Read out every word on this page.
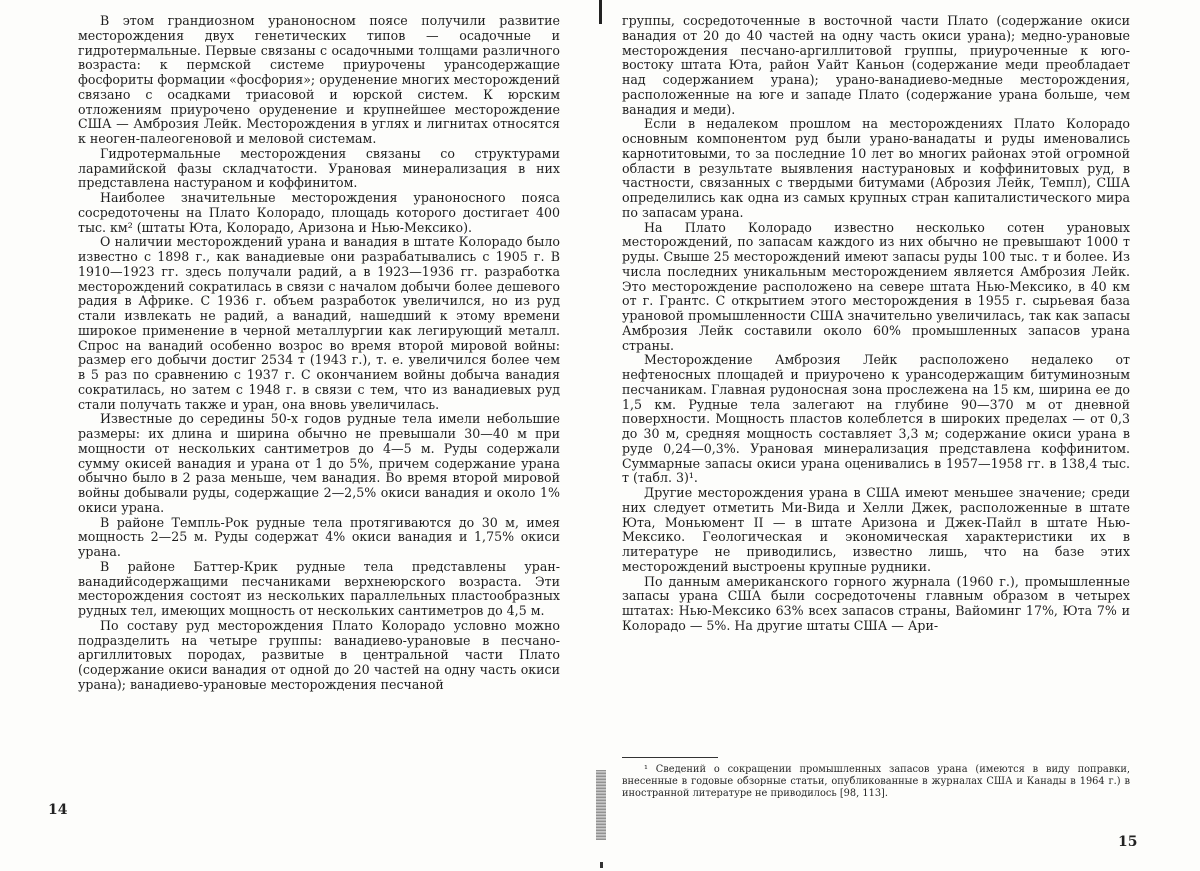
В этом грандиозном ураноносном поясе получили развитие месторождения двух генетических типов — осадочные и гидротермальные. Первые связаны с осадочными толщами различного возраста: к пермской системе приурочены урансодержащие фосфориты формации «фосфория»; оруденение многих месторождений связано с осадками триасовой и юрской систем. К юрским отложениям приурочено оруденение и крупнейшее месторождение США — Амброзия Лейк. Месторождения в углях и лигнитах относятся к неоген-палеогеновой и меловой системам.

Гидротермальные месторождения связаны со структурами ларамийской фазы складчатости. Урановая минерализация в них представлена настураном и коффинитом.

Наиболее значительные месторождения ураноносного пояса сосредоточены на Плато Колорадо, площадь которого достигает 400 тыс. км² (штаты Юта, Колорадо, Аризона и Нью-Мексико).

О наличии месторождений урана и ванадия в штате Колорадо было известно с 1898 г., как ванадиевые они разрабатывались с 1905 г. В 1910—1923 гг. здесь получали радий, а в 1923—1936 гг. разработка месторождений сократилась в связи с началом добычи более дешевого радия в Африке. С 1936 г. объем разработок увеличился, но из руд стали извлекать не радий, а ванадий, нашедший к этому времени широкое применение в черной металлургии как легирующий металл. Спрос на ванадий особенно возрос во время второй мировой войны: размер его добычи достиг 2534 т (1943 г.), т. е. увеличился более чем в 5 раз по сравнению с 1937 г. С окончанием войны добыча ванадия сократилась, но затем с 1948 г. в связи с тем, что из ванадиевых руд стали получать также и уран, она вновь увеличилась.

Известные до середины 50-х годов рудные тела имели небольшие размеры: их длина и ширина обычно не превышали 30—40 м при мощности от нескольких сантиметров до 4—5 м. Руды содержали сумму окисей ванадия и урана от 1 до 5%, причем содержание урана обычно было в 2 раза меньше, чем ванадия. Во время второй мировой войны добывали руды, содержащие 2—2,5% окиси ванадия и около 1% окиси урана.

В районе Темпль-Рок рудные тела протягиваются до 30 м, имея мощность 2—25 м. Руды содержат 4% окиси ванадия и 1,75% окиси урана.

В районе Баттер-Крик рудные тела представлены уран-ванадийсодержащими песчаниками верхнеюрского возраста. Эти месторождения состоят из нескольких параллельных пластообразных рудных тел, имеющих мощность от нескольких сантиметров до 4,5 м.

По составу руд месторождения Плато Колорадо условно можно подразделить на четыре группы: ванадиево-урановые в песчано-аргиллитовых породах, развитые в центральной части Плато (содержание окиси ванадия от одной до 20 частей на одну часть окиси урана); ванадиево-урановые месторождения песчаной

14

группы, сосредоточенные в восточной части Плато (содержание окиси ванадия от 20 до 40 частей на одну часть окиси урана); медно-урановые месторождения песчано-аргиллитовой группы, приуроченные к юго-востоку штата Юта, район Уайт Каньон (содержание меди преобладает над содержанием урана); урано-ванадиево-медные месторождения, расположенные на юге и западе Плато (содержание урана больше, чем ванадия и меди).

Если в недалеком прошлом на месторождениях Плато Колорадо основным компонентом руд были урано-ванадаты и руды именовались карнотитовыми, то за последние 10 лет во многих районах этой огромной области в результате выявления настурановых и коффинитовых руд, в частности, связанных с твердыми битумами (Аброзия Лейк, Темпл), США определились как одна из самых крупных стран капиталистического мира по запасам урана.

На Плато Колорадо известно несколько сотен урановых месторождений, по запасам каждого из них обычно не превышают 1000 т руды. Свыше 25 месторождений имеют запасы руды 100 тыс. т и более. Из числа последних уникальным месторождением является Амброзия Лейк. Это месторождение расположено на севере штата Нью-Мексико, в 40 км от г. Грантс. С открытием этого месторождения в 1955 г. сырьевая база урановой промышленности США значительно увеличилась, так как запасы Амброзия Лейк составили около 60% промышленных запасов урана страны.

Месторождение Амброзия Лейк расположено недалеко от нефтеносных площадей и приурочено к урансодержащим битуминозным песчаникам. Главная рудоносная зона прослежена на 15 км, ширина ее до 1,5 км. Рудные тела залегают на глубине 90—370 м от дневной поверхности. Мощность пластов колеблется в широких пределах — от 0,3 до 30 м, средняя мощность составляет 3,3 м; содержание окиси урана в руде 0,24—0,3%. Урановая минерализация представлена коффинитом. Суммарные запасы окиси урана оценивались в 1957—1958 гг. в 138,4 тыс. т (табл. 3)¹.

Другие месторождения урана в США имеют меньшее значение; среди них следует отметить Ми-Вида и Хелли Джек, расположенные в штате Юта, Моньюмент II — в штате Аризона и Джек-Пайл в штате Нью-Мексико. Геологическая и экономическая характеристики их в литературе не приводились, известно лишь, что на базе этих месторождений выстроены крупные рудники.

По данным американского горного журнала (1960 г.), промышленные запасы урана США были сосредоточены главным образом в четырех штатах: Нью-Мексико 63% всех запасов страны, Вайоминг 17%, Юта 7% и Колорадо — 5%. На другие штаты США — Ари-

¹ Сведений о сокращении промышленных запасов урана (имеются в виду поправки, внесенные в годовые обзорные статьи, опубликованные в журналах США и Канады в 1964 г.) в иностранной литературе не приводилось [98, 113].
15
